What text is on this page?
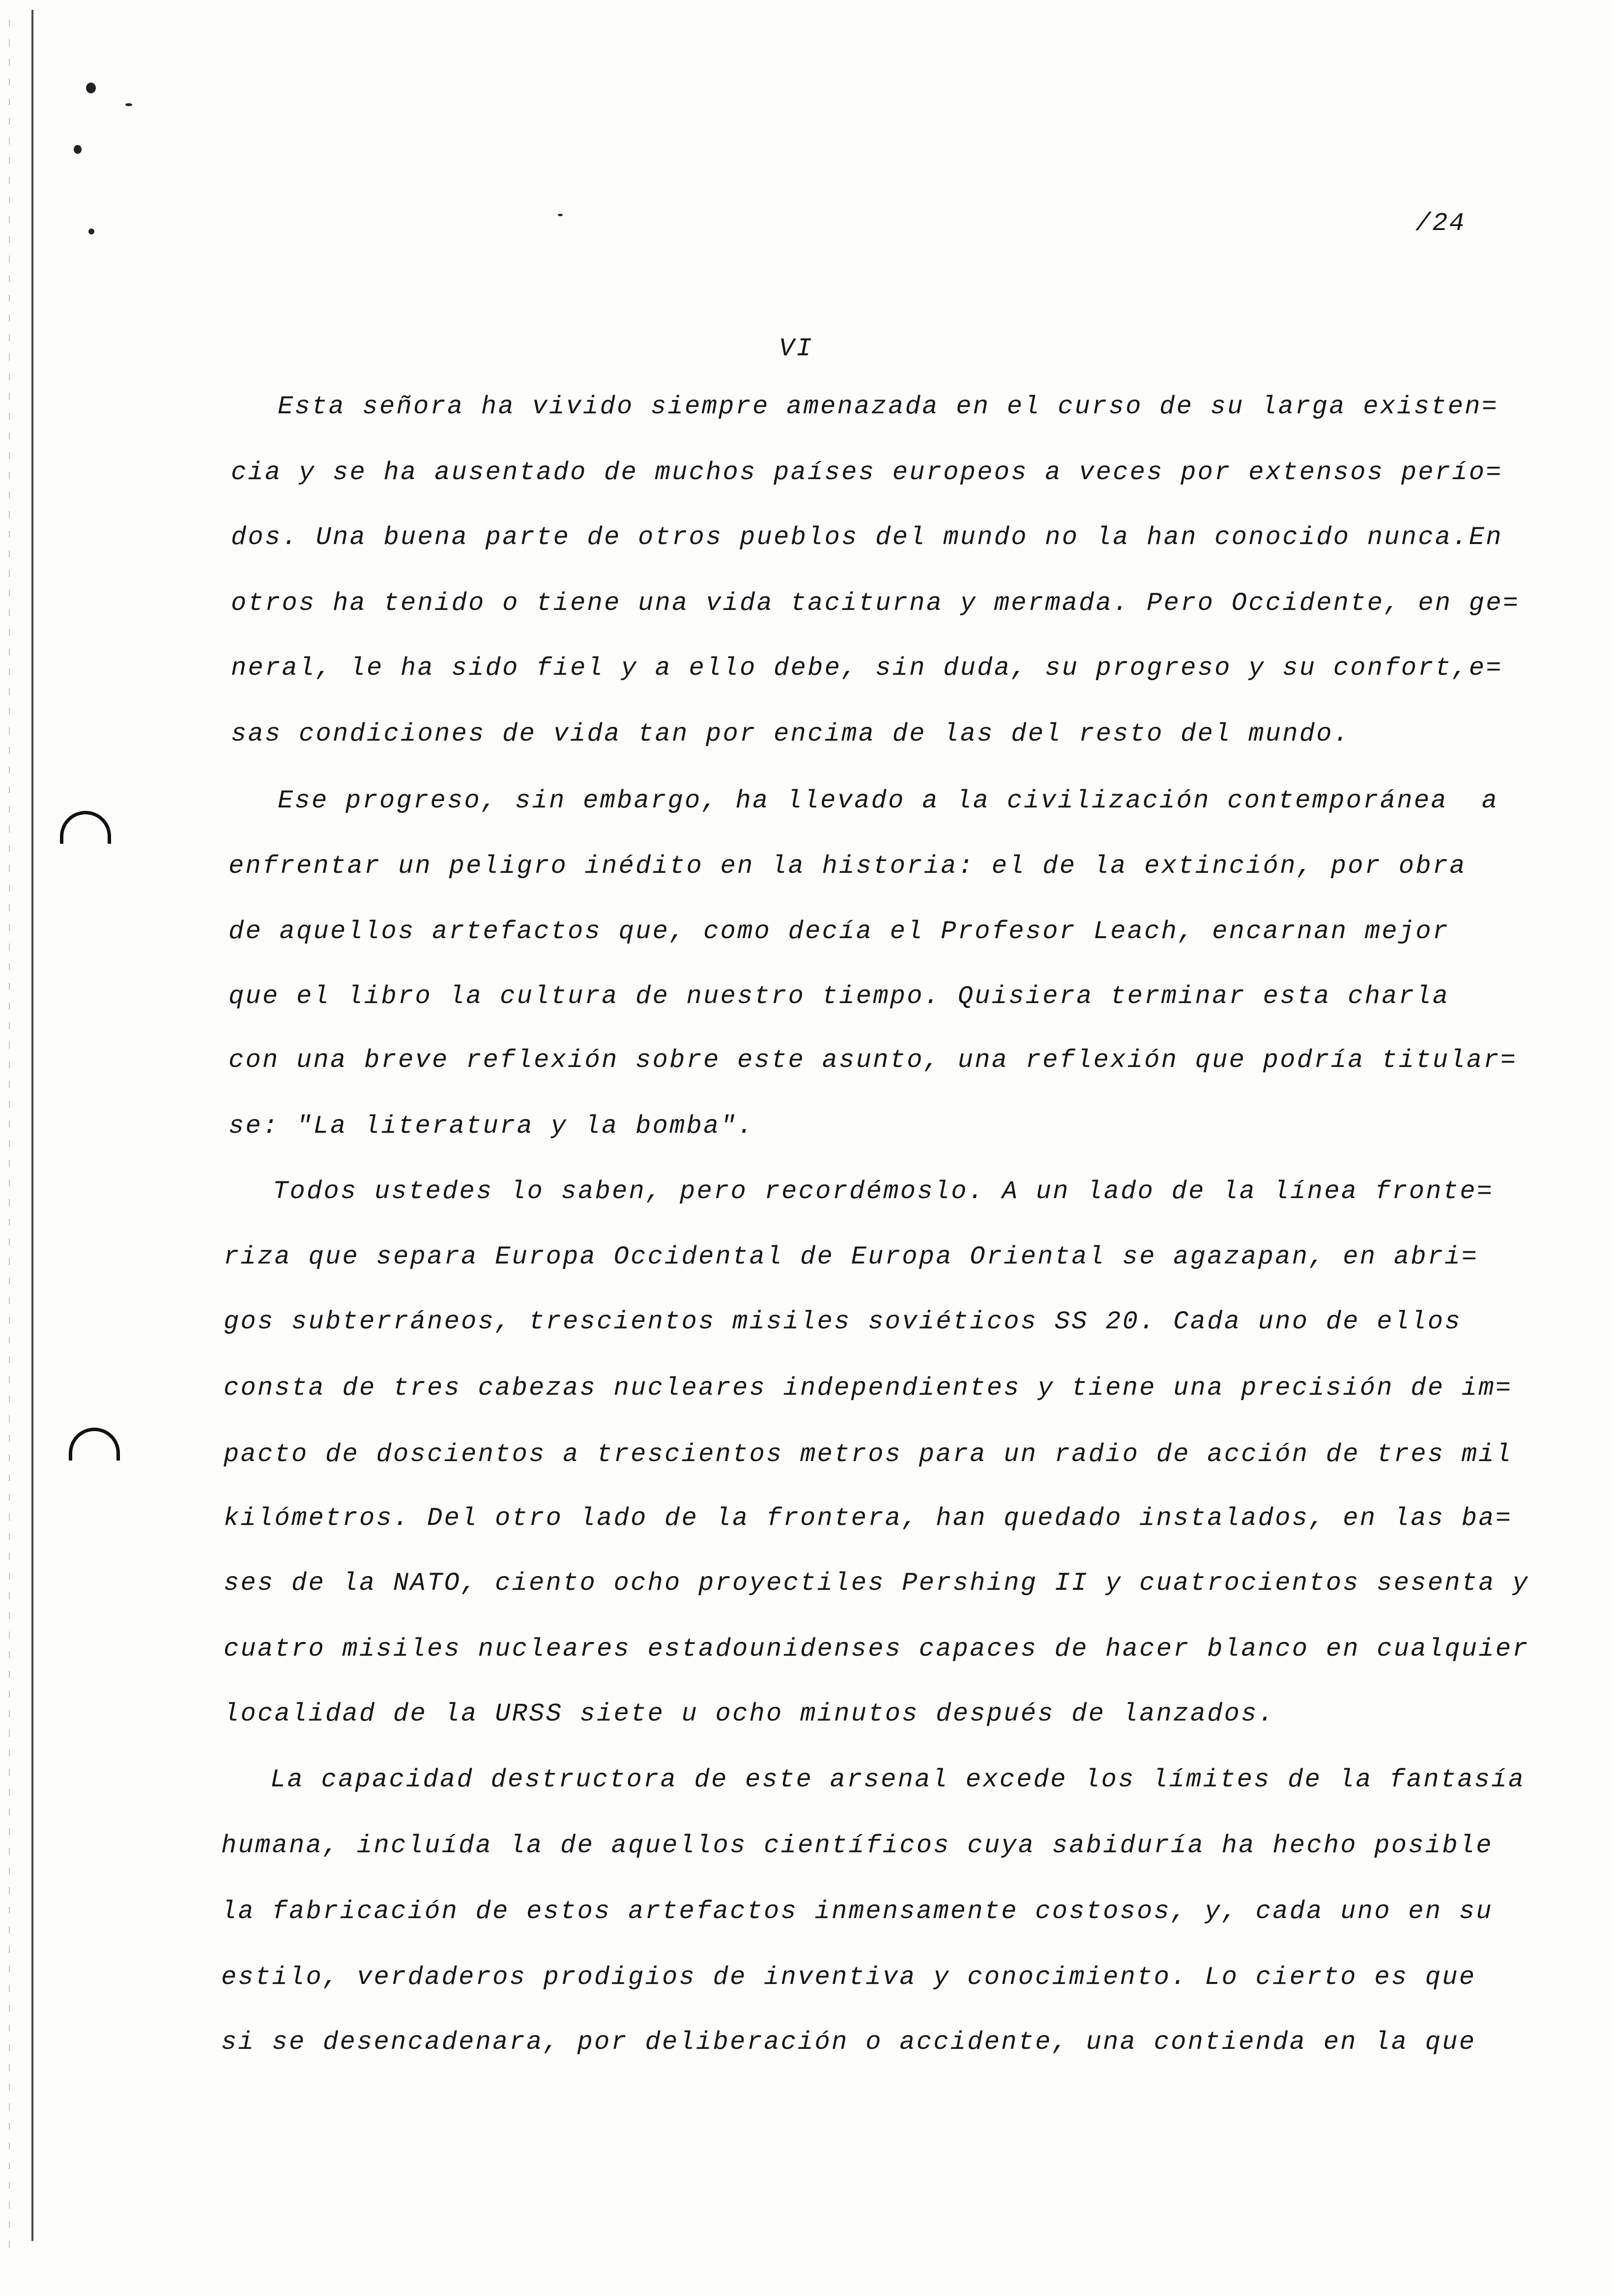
/24
VI
Esta señora ha vivido siempre amenazada en el curso de su larga existen=
cia y se ha ausentado de muchos países europeos a veces por extensos perío=
dos. Una buena parte de otros pueblos del mundo no la han conocido nunca.En
otros ha tenido o tiene una vida taciturna y mermada. Pero Occidente, en ge=
neral, le ha sido fiel y a ello debe, sin duda, su progreso y su confort,e=
sas condiciones de vida tan por encima de las del resto del mundo.
Ese progreso, sin embargo, ha llevado a la civilización contemporánea  a
enfrentar un peligro inédito en la historia: el de la extinción, por obra
de aquellos artefactos que, como decía el Profesor Leach, encarnan mejor
que el libro la cultura de nuestro tiempo. Quisiera terminar esta charla
con una breve reflexión sobre este asunto, una reflexión que podría titular=
se: "La literatura y la bomba".
Todos ustedes lo saben, pero recordémoslo. A un lado de la línea fronte=
riza que separa Europa Occidental de Europa Oriental se agazapan, en abri=
gos subterráneos, trescientos misiles soviéticos SS 20. Cada uno de ellos
consta de tres cabezas nucleares independientes y tiene una precisión de im=
pacto de doscientos a trescientos metros para un radio de acción de tres mil
kilómetros. Del otro lado de la frontera, han quedado instalados, en las ba=
ses de la NATO, ciento ocho proyectiles Pershing II y cuatrocientos sesenta y
cuatro misiles nucleares estadounidenses capaces de hacer blanco en cualquier
localidad de la URSS siete u ocho minutos después de lanzados.
La capacidad destructora de este arsenal excede los límites de la fantasía
humana, incluída la de aquellos científicos cuya sabiduría ha hecho posible
la fabricación de estos artefactos inmensamente costosos, y, cada uno en su
estilo, verdaderos prodigios de inventiva y conocimiento. Lo cierto es que
si se desencadenara, por deliberación o accidente, una contienda en la que
